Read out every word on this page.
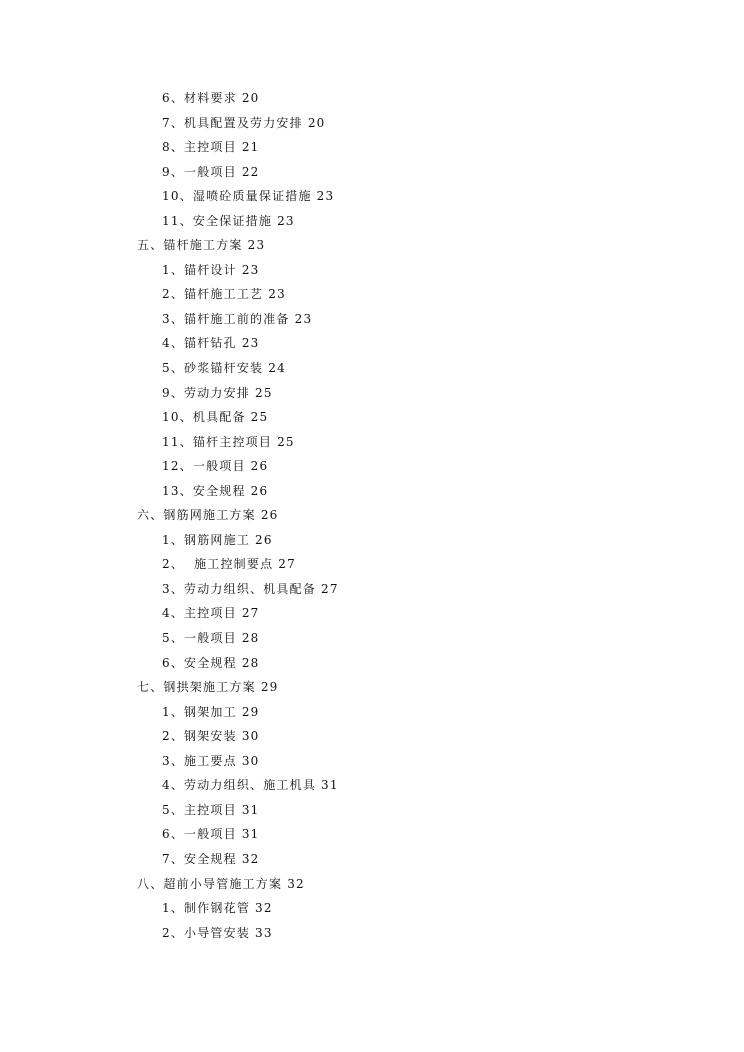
6、材料要求 20
7、机具配置及劳力安排 20
8、主控项目 21
9、一般项目 22
10、湿喷砼质量保证措施 23
11、安全保证措施 23
五、锚杆施工方案 23
1、锚杆设计 23
2、锚杆施工工艺 23
3、锚杆施工前的准备 23
4、锚杆钻孔 23
5、砂浆锚杆安装 24
9、劳动力安排 25
10、机具配备 25
11、锚杆主控项目 25
12、一般项目 26
13、安全规程 26
六、钢筋网施工方案 26
1、钢筋网施工 26
2、  施工控制要点 27
3、劳动力组织、机具配备 27
4、主控项目 27
5、一般项目 28
6、安全规程 28
七、钢拱架施工方案 29
1、钢架加工 29
2、钢架安装 30
3、施工要点 30
4、劳动力组织、施工机具 31
5、主控项目 31
6、一般项目 31
7、安全规程 32
八、超前小导管施工方案 32
1、制作钢花管 32
2、小导管安装 33
